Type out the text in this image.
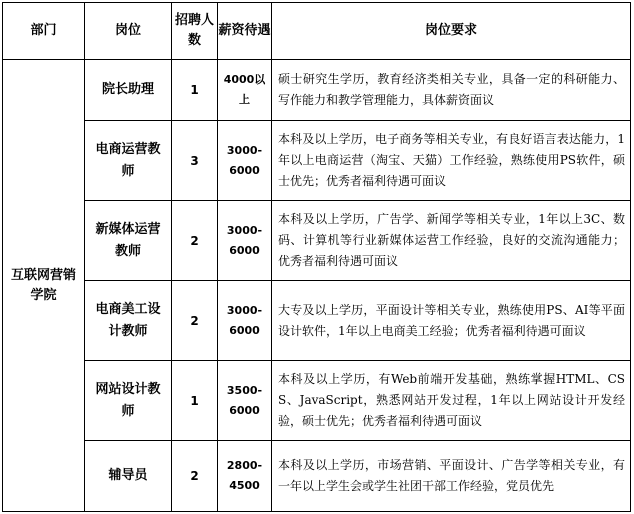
部门	岗位	招聘人数	薪资待遇	岗位要求
互联网营销学院	院长助理	1	4000以上	硕士研究生学历，教育经济类相关专业，具备一定的科研能力、写作能力和教学管理能力，具体薪资面议
	电商运营教师	3	3000-6000	本科及以上学历，电子商务等相关专业，有良好语言表达能力，1年以上电商运营（淘宝、天猫）工作经验，熟练使用PS软件，硕士优先；优秀者福利待遇可面议
	新媒体运营教师	2	3000-6000	本科及以上学历，广告学、新闻学等相关专业，1年以上3C、数码、计算机等行业新媒体运营工作经验，良好的交流沟通能力；优秀者福利待遇可面议
	电商美工设计教师	2	3000-6000	大专及以上学历，平面设计等相关专业，熟练使用PS、AI等平面设计软件，1年以上电商美工经验；优秀者福利待遇可面议
	网站设计教师	1	3500-6000	本科及以上学历，有Web前端开发基础，熟练掌握HTML、CSS、JavaScript，熟悉网站开发过程，1年以上网站设计开发经验，硕士优先；优秀者福利待遇可面议
	辅导员	2	2800-4500	本科及以上学历，市场营销、平面设计、广告学等相关专业，有一年以上学生会或学生社团干部工作经验，党员优先
